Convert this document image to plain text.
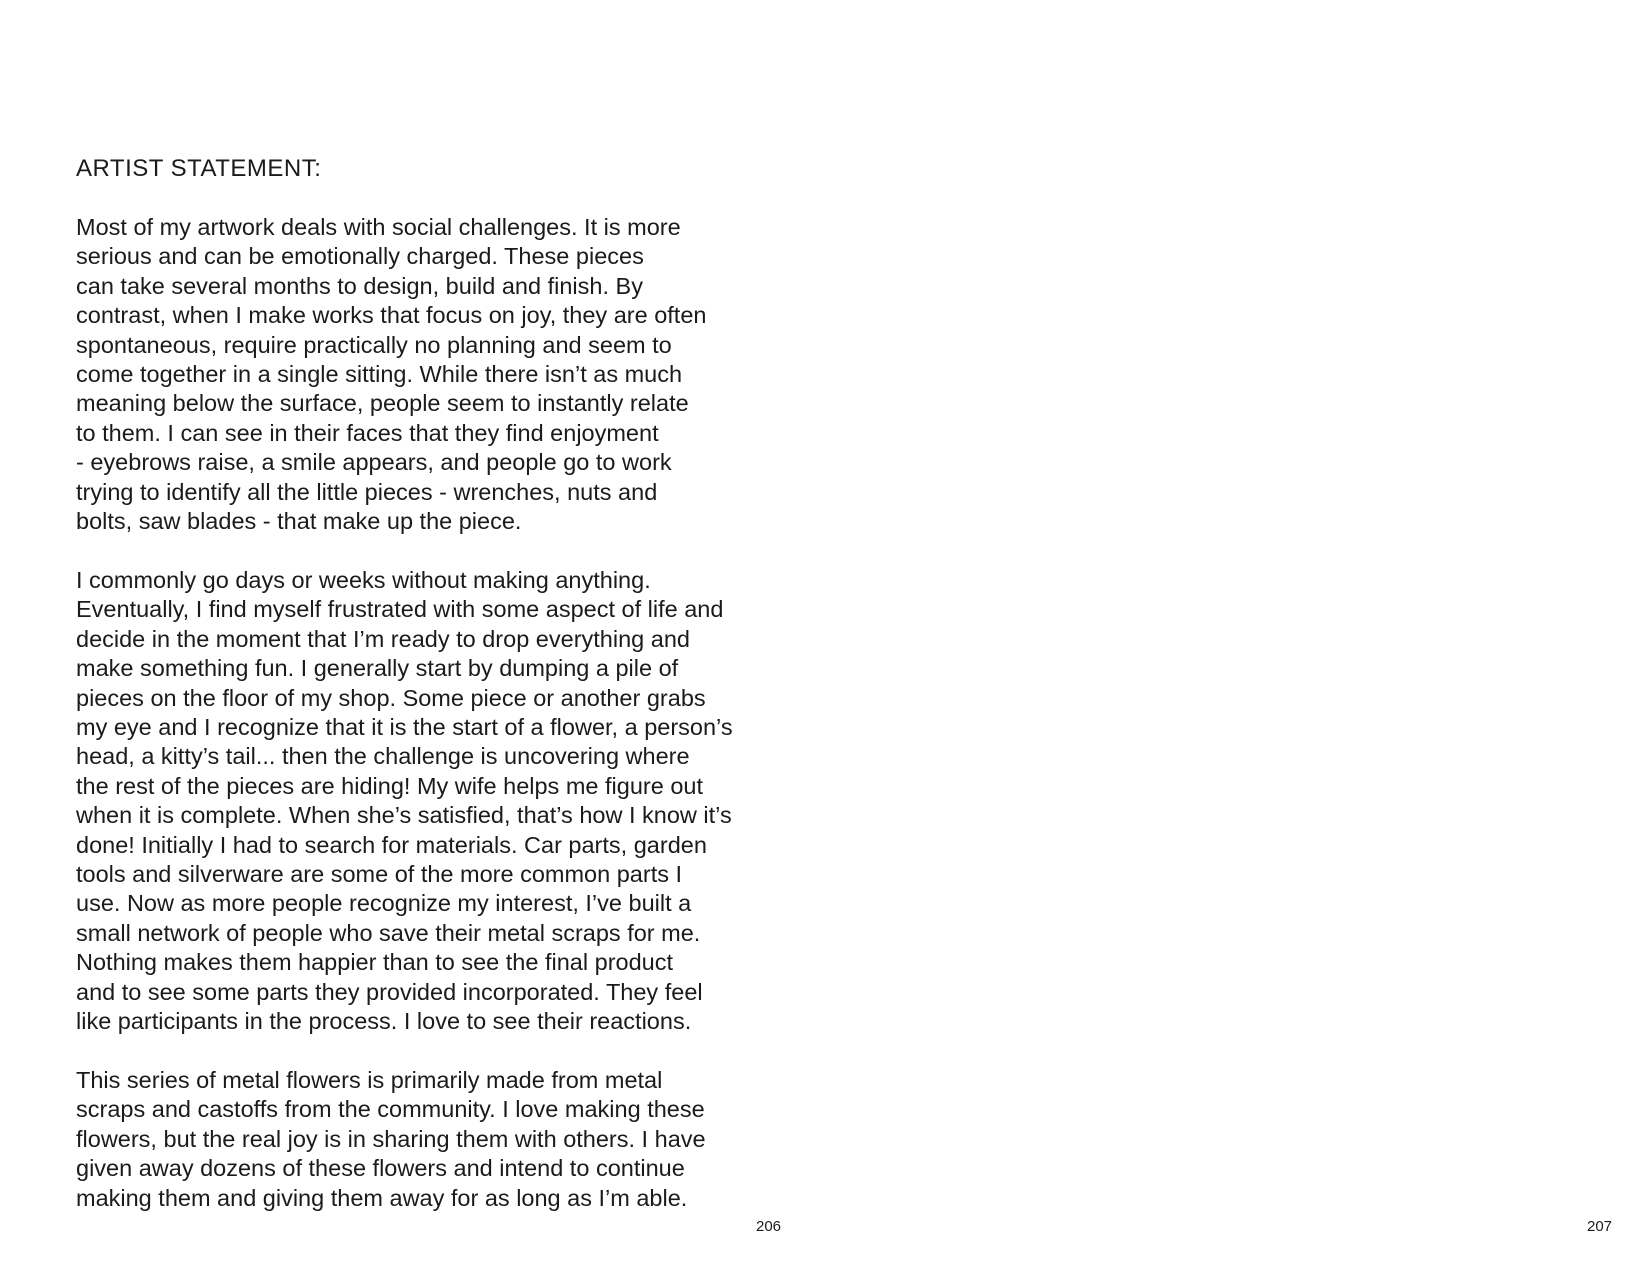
ARTIST STATEMENT:

Most of my artwork deals with social challenges. It is more
serious and can be emotionally charged. These pieces
can take several months to design, build and finish. By
contrast, when I make works that focus on joy, they are often
spontaneous, require practically no planning and seem to
come together in a single sitting. While there isn’t as much
meaning below the surface, people seem to instantly relate
to them. I can see in their faces that they find enjoyment
- eyebrows raise, a smile appears, and people go to work
trying to identify all the little pieces - wrenches, nuts and
bolts, saw blades - that make up the piece.

I commonly go days or weeks without making anything.
Eventually, I find myself frustrated with some aspect of life and
decide in the moment that I’m ready to drop everything and
make something fun. I generally start by dumping a pile of
pieces on the floor of my shop. Some piece or another grabs
my eye and I recognize that it is the start of a flower, a person’s
head, a kitty’s tail... then the challenge is uncovering where
the rest of the pieces are hiding! My wife helps me figure out
when it is complete. When she’s satisfied, that’s how I know it’s
done! Initially I had to search for materials. Car parts, garden
tools and silverware are some of the more common parts I
use. Now as more people recognize my interest, I’ve built a
small network of people who save their metal scraps for me.
Nothing makes them happier than to see the final product
and to see some parts they provided incorporated. They feel
like participants in the process. I love to see their reactions.

This series of metal flowers is primarily made from metal
scraps and castoffs from the community. I love making these
flowers, but the real joy is in sharing them with others. I have
given away dozens of these flowers and intend to continue
making them and giving them away for as long as I’m able.

206	207
